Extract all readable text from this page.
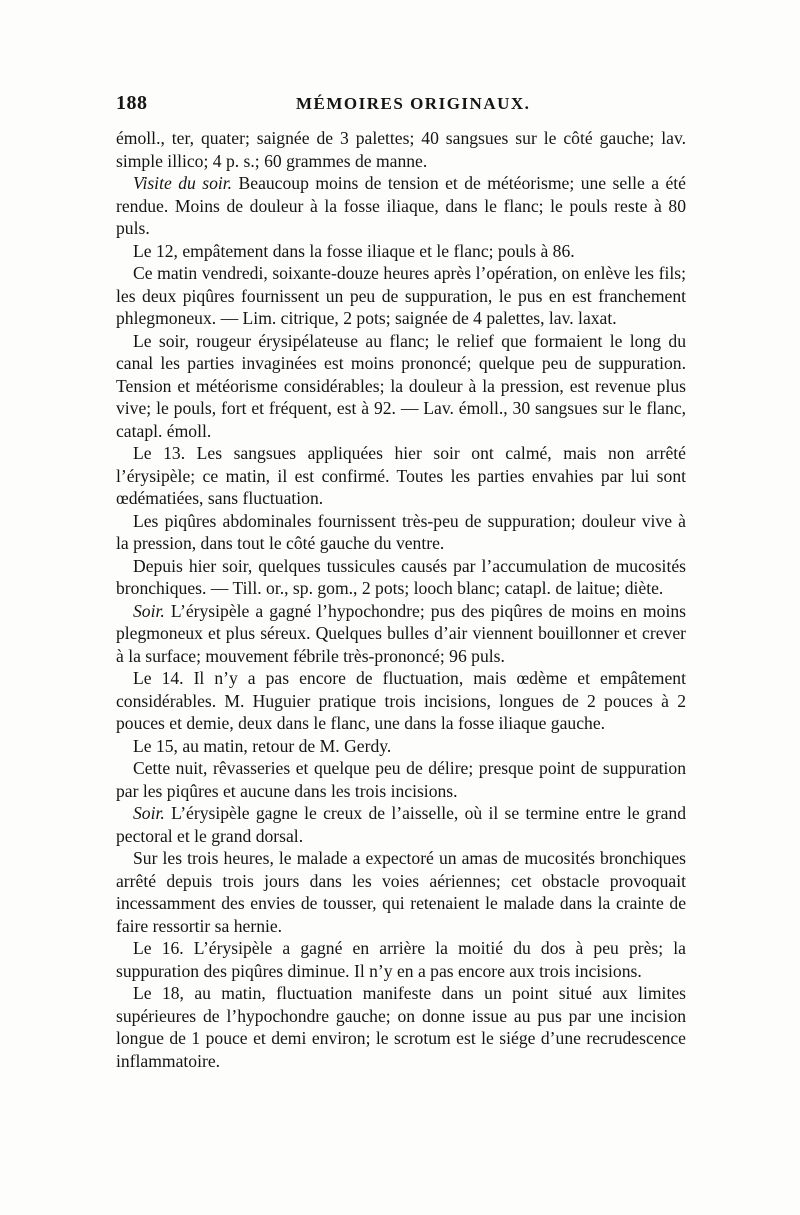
188	MÉMOIRES ORIGINAUX.

émoll., ter, quater; saignée de 3 palettes; 40 sangsues sur le côté gauche; lav. simple illico; 4 p. s.; 60 grammes de manne.

Visite du soir. Beaucoup moins de tension et de météorisme; une selle a été rendue. Moins de douleur à la fosse iliaque, dans le flanc; le pouls reste à 80 puls.

Le 12, empâtement dans la fosse iliaque et le flanc; pouls à 86.

Ce matin vendredi, soixante-douze heures après l’opération, on enlève les fils; les deux piqûres fournissent un peu de suppuration, le pus en est franchement phlegmoneux. — Lim. citrique, 2 pots; saignée de 4 palettes, lav. laxat.

Le soir, rougeur érysipélateuse au flanc; le relief que formaient le long du canal les parties invaginées est moins prononcé; quelque peu de suppuration. Tension et météorisme considérables; la douleur à la pression, est revenue plus vive; le pouls, fort et fréquent, est à 92. — Lav. émoll., 30 sangsues sur le flanc, catapl. émoll.

Le 13. Les sangsues appliquées hier soir ont calmé, mais non arrêté l’érysipèle; ce matin, il est confirmé. Toutes les parties envahies par lui sont œdématiées, sans fluctuation.

Les piqûres abdominales fournissent très-peu de suppuration; douleur vive à la pression, dans tout le côté gauche du ventre.

Depuis hier soir, quelques tussicules causés par l’accumulation de mucosités bronchiques. — Till. or., sp. gom., 2 pots; looch blanc; catapl. de laitue; diète.

Soir. L’érysipèle a gagné l’hypochondre; pus des piqûres de moins en moins plegmoneux et plus séreux. Quelques bulles d’air viennent bouillonner et crever à la surface; mouvement fébrile très-prononcé; 96 puls.

Le 14. Il n’y a pas encore de fluctuation, mais œdème et empâtement considérables. M. Huguier pratique trois incisions, longues de 2 pouces à 2 pouces et demie, deux dans le flanc, une dans la fosse iliaque gauche.

Le 15, au matin, retour de M. Gerdy.

Cette nuit, rêvasseries et quelque peu de délire; presque point de suppuration par les piqûres et aucune dans les trois incisions.

Soir. L’érysipèle gagne le creux de l’aisselle, où il se termine entre le grand pectoral et le grand dorsal.

Sur les trois heures, le malade a expectoré un amas de mucosités bronchiques arrêté depuis trois jours dans les voies aériennes; cet obstacle provoquait incessamment des envies de tousser, qui retenaient le malade dans la crainte de faire ressortir sa hernie.

Le 16. L’érysipèle a gagné en arrière la moitié du dos à peu près; la suppuration des piqûres diminue. Il n’y en a pas encore aux trois incisions.

Le 18, au matin, fluctuation manifeste dans un point situé aux limites supérieures de l’hypochondre gauche; on donne issue au pus par une incision longue de 1 pouce et demi environ; le scrotum est le siége d’une recrudescence inflammatoire.
